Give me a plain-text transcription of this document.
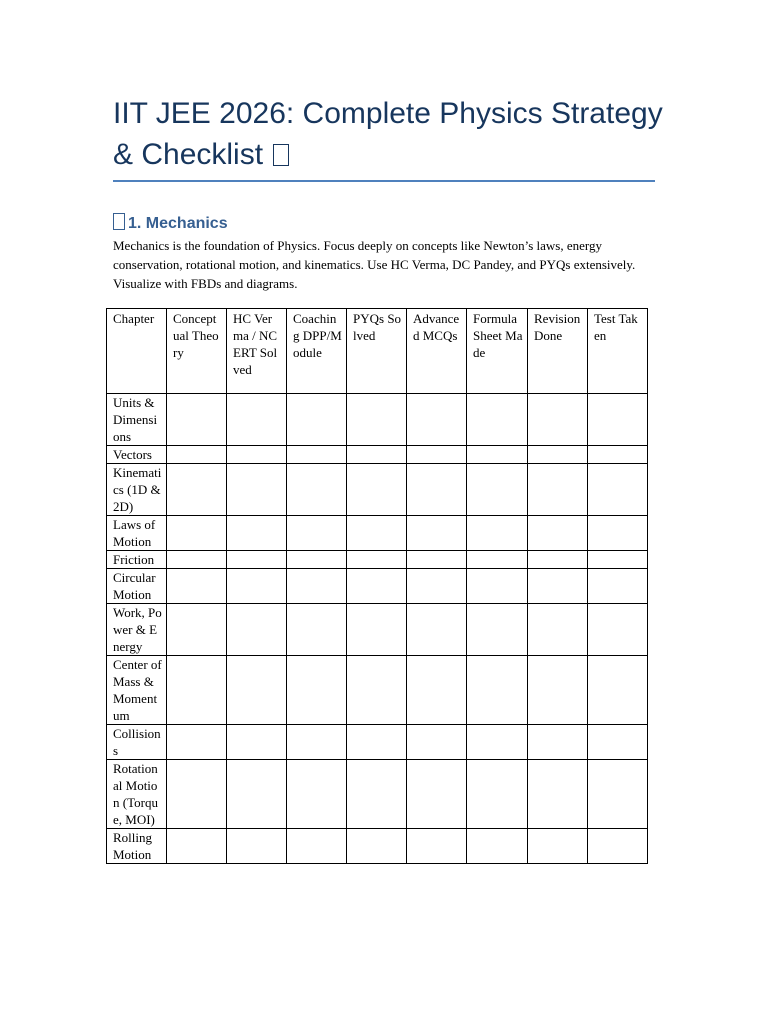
IIT JEE 2026: Complete Physics Strategy
& Checklist
1. Mechanics

Mechanics is the foundation of Physics. Focus deeply on concepts like Newton’s laws, energy conservation, rotational motion, and kinematics. Use HC Verma, DC Pandey, and PYQs extensively. Visualize with FBDs and diagrams.

Chapter	Conceptual Theory	HC Verma / NCERT Solved	Coaching DPP/Module	PYQs Solved	Advanced MCQs	Formula Sheet Made	Revision Done	Test Taken
Units & Dimensions								
Vectors								
Kinematics (1D & 2D)								
Laws of Motion								
Friction								
Circular Motion								
Work, Power & Energy								
Center of Mass & Momentum								
Collisions								
Rotational Motion (Torque, MOI)								
Rolling Motion								
